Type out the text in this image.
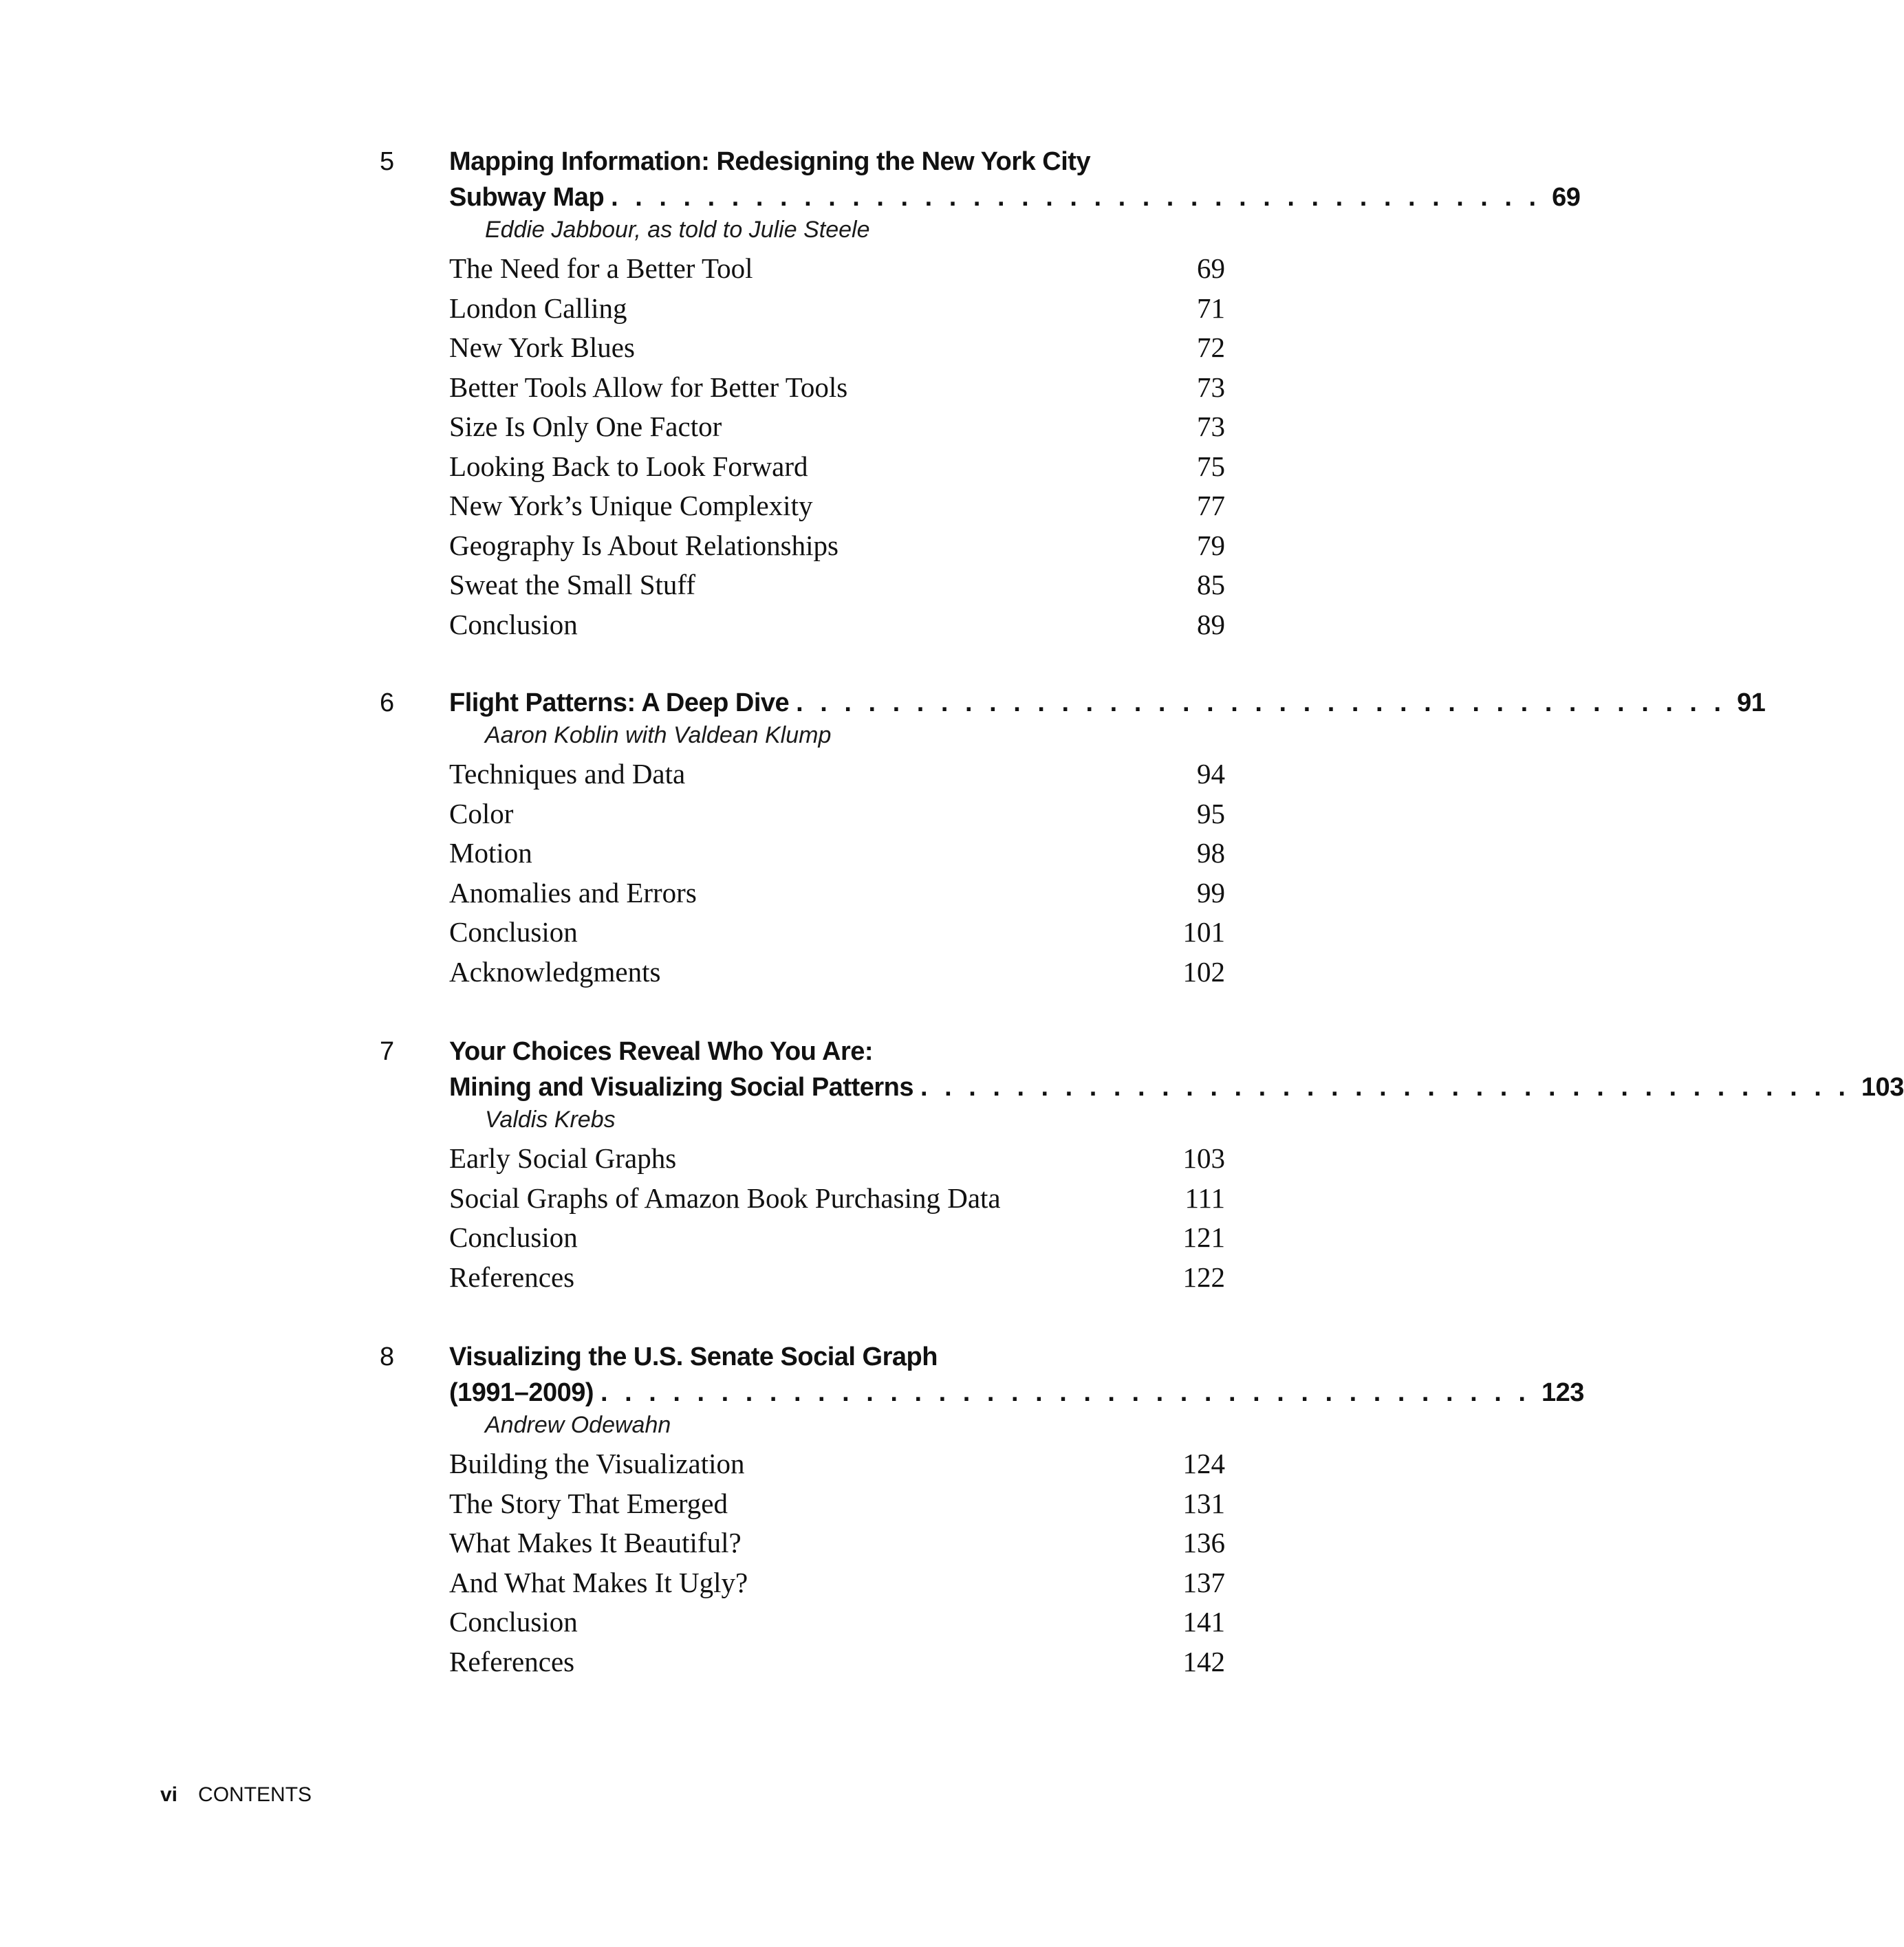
5 Mapping Information: Redesigning the New York City
Subway Map . . . . . . . . . . . . . . . . . . . . . . . . . . . . . . . . . . . . . . . 69
Eddie Jabbour, as told to Julie Steele
The Need for a Better Tool	69
London Calling	71
New York Blues	72
Better Tools Allow for Better Tools	73
Size Is Only One Factor	73
Looking Back to Look Forward	75
New York’s Unique Complexity	77
Geography Is About Relationships	79
Sweat the Small Stuff	85
Conclusion	89
6 Flight Patterns: A Deep Dive . . . . . . . . . . . . . . . . . . . . . . . . . . . . . . . . . . . . . . . 91
Aaron Koblin with Valdean Klump
Techniques and Data	94
Color	95
Motion	98
Anomalies and Errors	99
Conclusion	101
Acknowledgments	102
7 Your Choices Reveal Who You Are:
Mining and Visualizing Social Patterns . . . . . . . . . . . . . . . . . . . . . . . . . . . . . . . . . . . . . . . 103
Valdis Krebs
Early Social Graphs	103
Social Graphs of Amazon Book Purchasing Data	111
Conclusion	121
References	122
8 Visualizing the U.S. Senate Social Graph
(1991–2009) . . . . . . . . . . . . . . . . . . . . . . . . . . . . . . . . . . . . . . . 123
Andrew Odewahn
Building the Visualization	124
The Story That Emerged	131
What Makes It Beautiful?	136
And What Makes It Ugly?	137
Conclusion	141
References	142
vi CONTENTS
